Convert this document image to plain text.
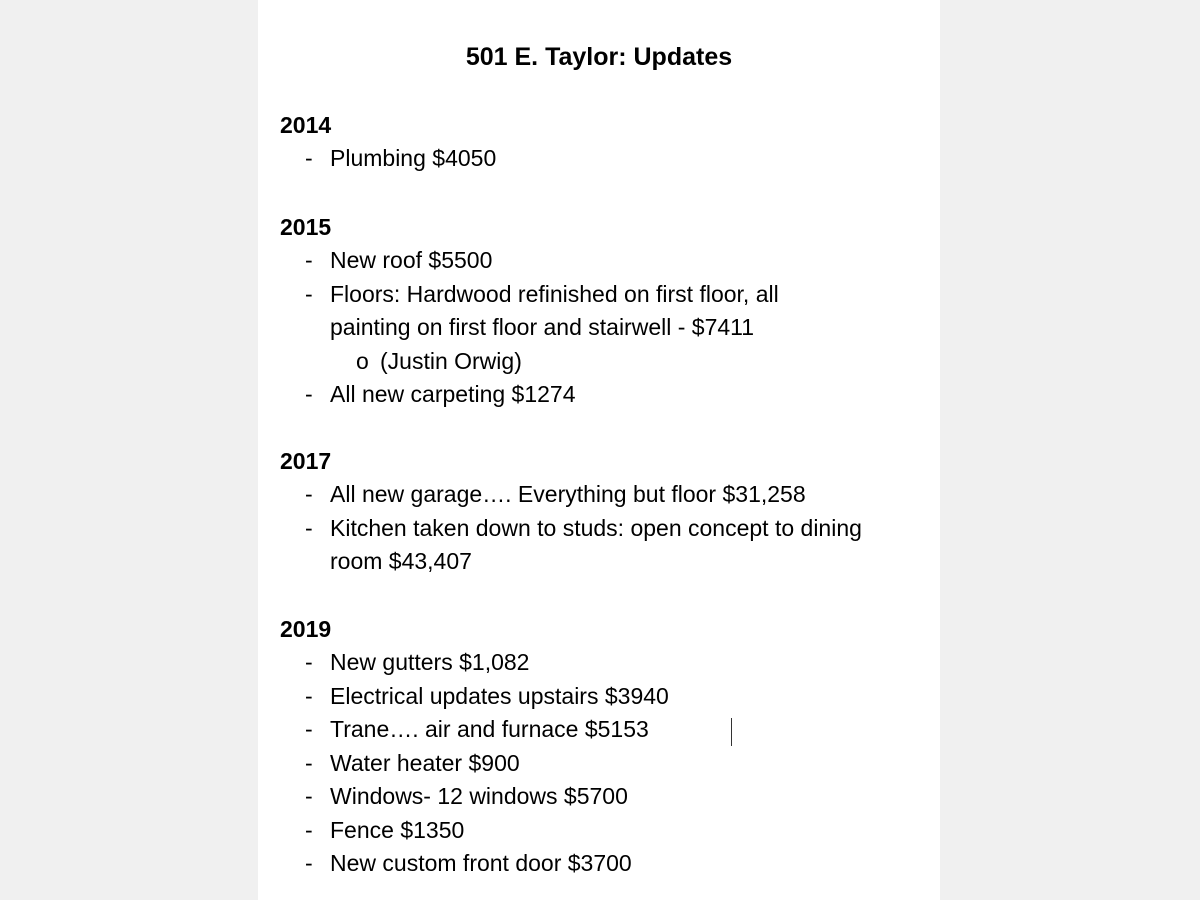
501 E. Taylor: Updates
2014
- Plumbing $4050
2015
- New roof $5500
- Floors: Hardwood refinished on first floor, all painting on first floor and stairwell - $7411
o (Justin Orwig)
- All new carpeting $1274
2017
- All new garage…. Everything but floor $31,258
- Kitchen taken down to studs: open concept to dining room $43,407
2019
- New gutters $1,082
- Electrical updates upstairs $3940
- Trane…. air and furnace $5153
- Water heater $900
- Windows- 12 windows $5700
- Fence $1350
- New custom front door $3700
